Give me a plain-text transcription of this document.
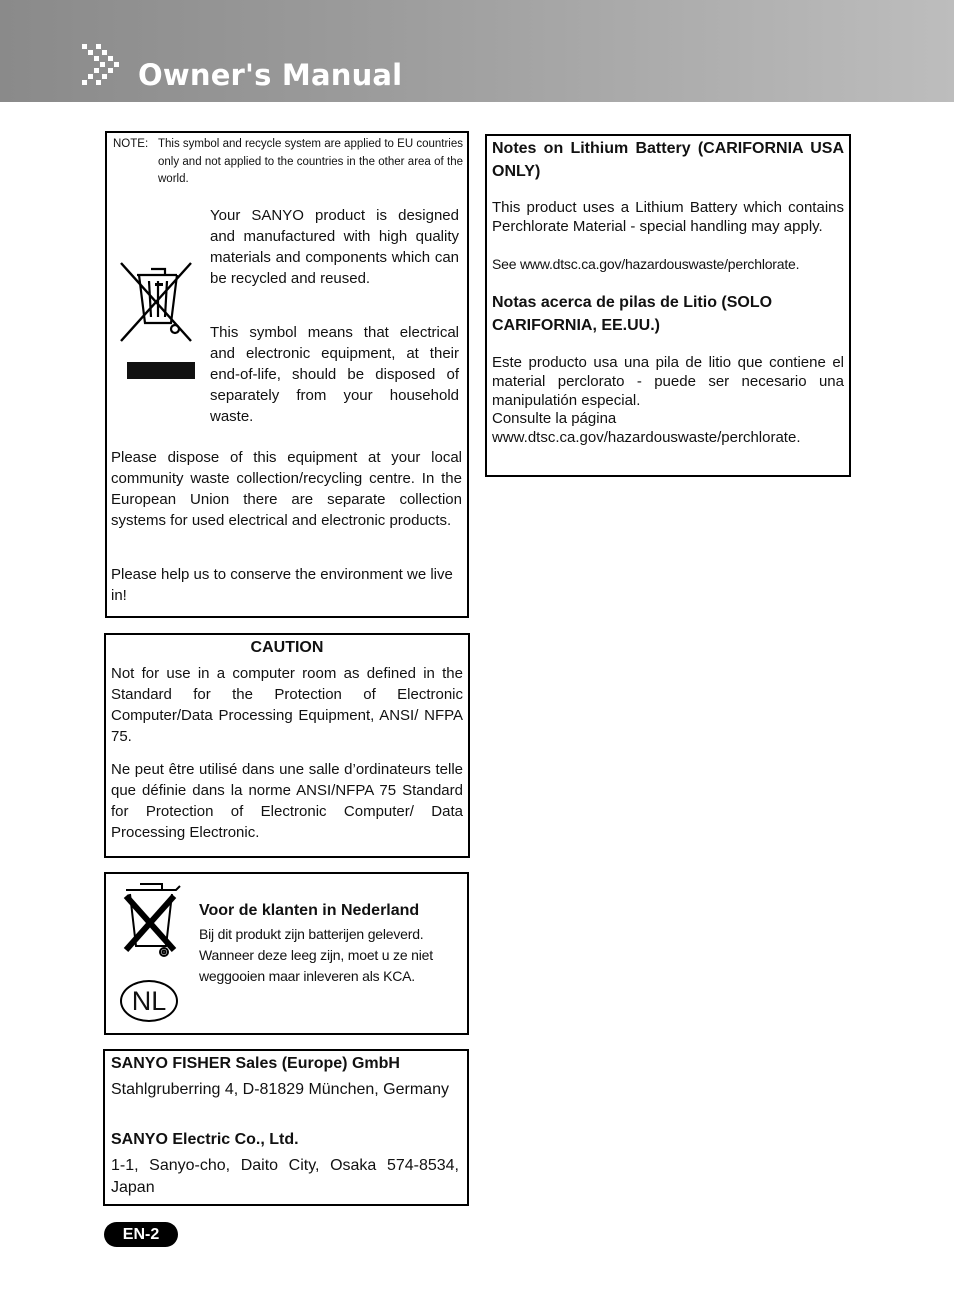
Owner's Manual
NOTE: This symbol and recycle system are applied to EU countries only and not applied to the countries in the other area of the world.

Your SANYO product is designed and manufactured with high quality materials and components which can be recycled and reused.

This symbol means that electrical and electronic equipment, at their end-of-life, should be disposed of separately from your household waste.

Please dispose of this equipment at your local community waste collection/recycling centre. In the European Union there are separate collection systems for used electrical and electronic products.

Please help us to conserve the environment we live in!

CAUTION

Not for use in a computer room as defined in the Standard for the Protection of Electronic Computer/Data Processing Equipment, ANSI/ NFPA 75.

Ne peut être utilisé dans une salle d’ordinateurs telle que définie dans la norme ANSI/NFPA 75 Standard for Protection of Electronic Computer/ Data Processing Electronic.

NL
Voor de klanten in Nederland
Bij dit produkt zijn batterijen geleverd. Wanneer deze leeg zijn, moet u ze niet weggooien maar inleveren als KCA.
SANYO FISHER Sales (Europe) GmbH

Stahlgruberring 4, D-81829 München, Germany

SANYO Electric Co., Ltd.

1-1, Sanyo-cho, Daito City, Osaka 574-8534, Japan

Notes on Lithium Battery (CARIFORNIA USA ONLY)

This product uses a Lithium Battery which contains Perchlorate Material - special handling may apply.

See www.dtsc.ca.gov/hazardouswaste/perchlorate.

Notas acerca de pilas de Litio (SOLO CARIFORNIA, EE.UU.)

Este producto usa una pila de litio que contiene el material perclorato - puede ser necesario una manipulatión especial.

Consulte la página
www.dtsc.ca.gov/hazardouswaste/perchlorate.
EN-2
